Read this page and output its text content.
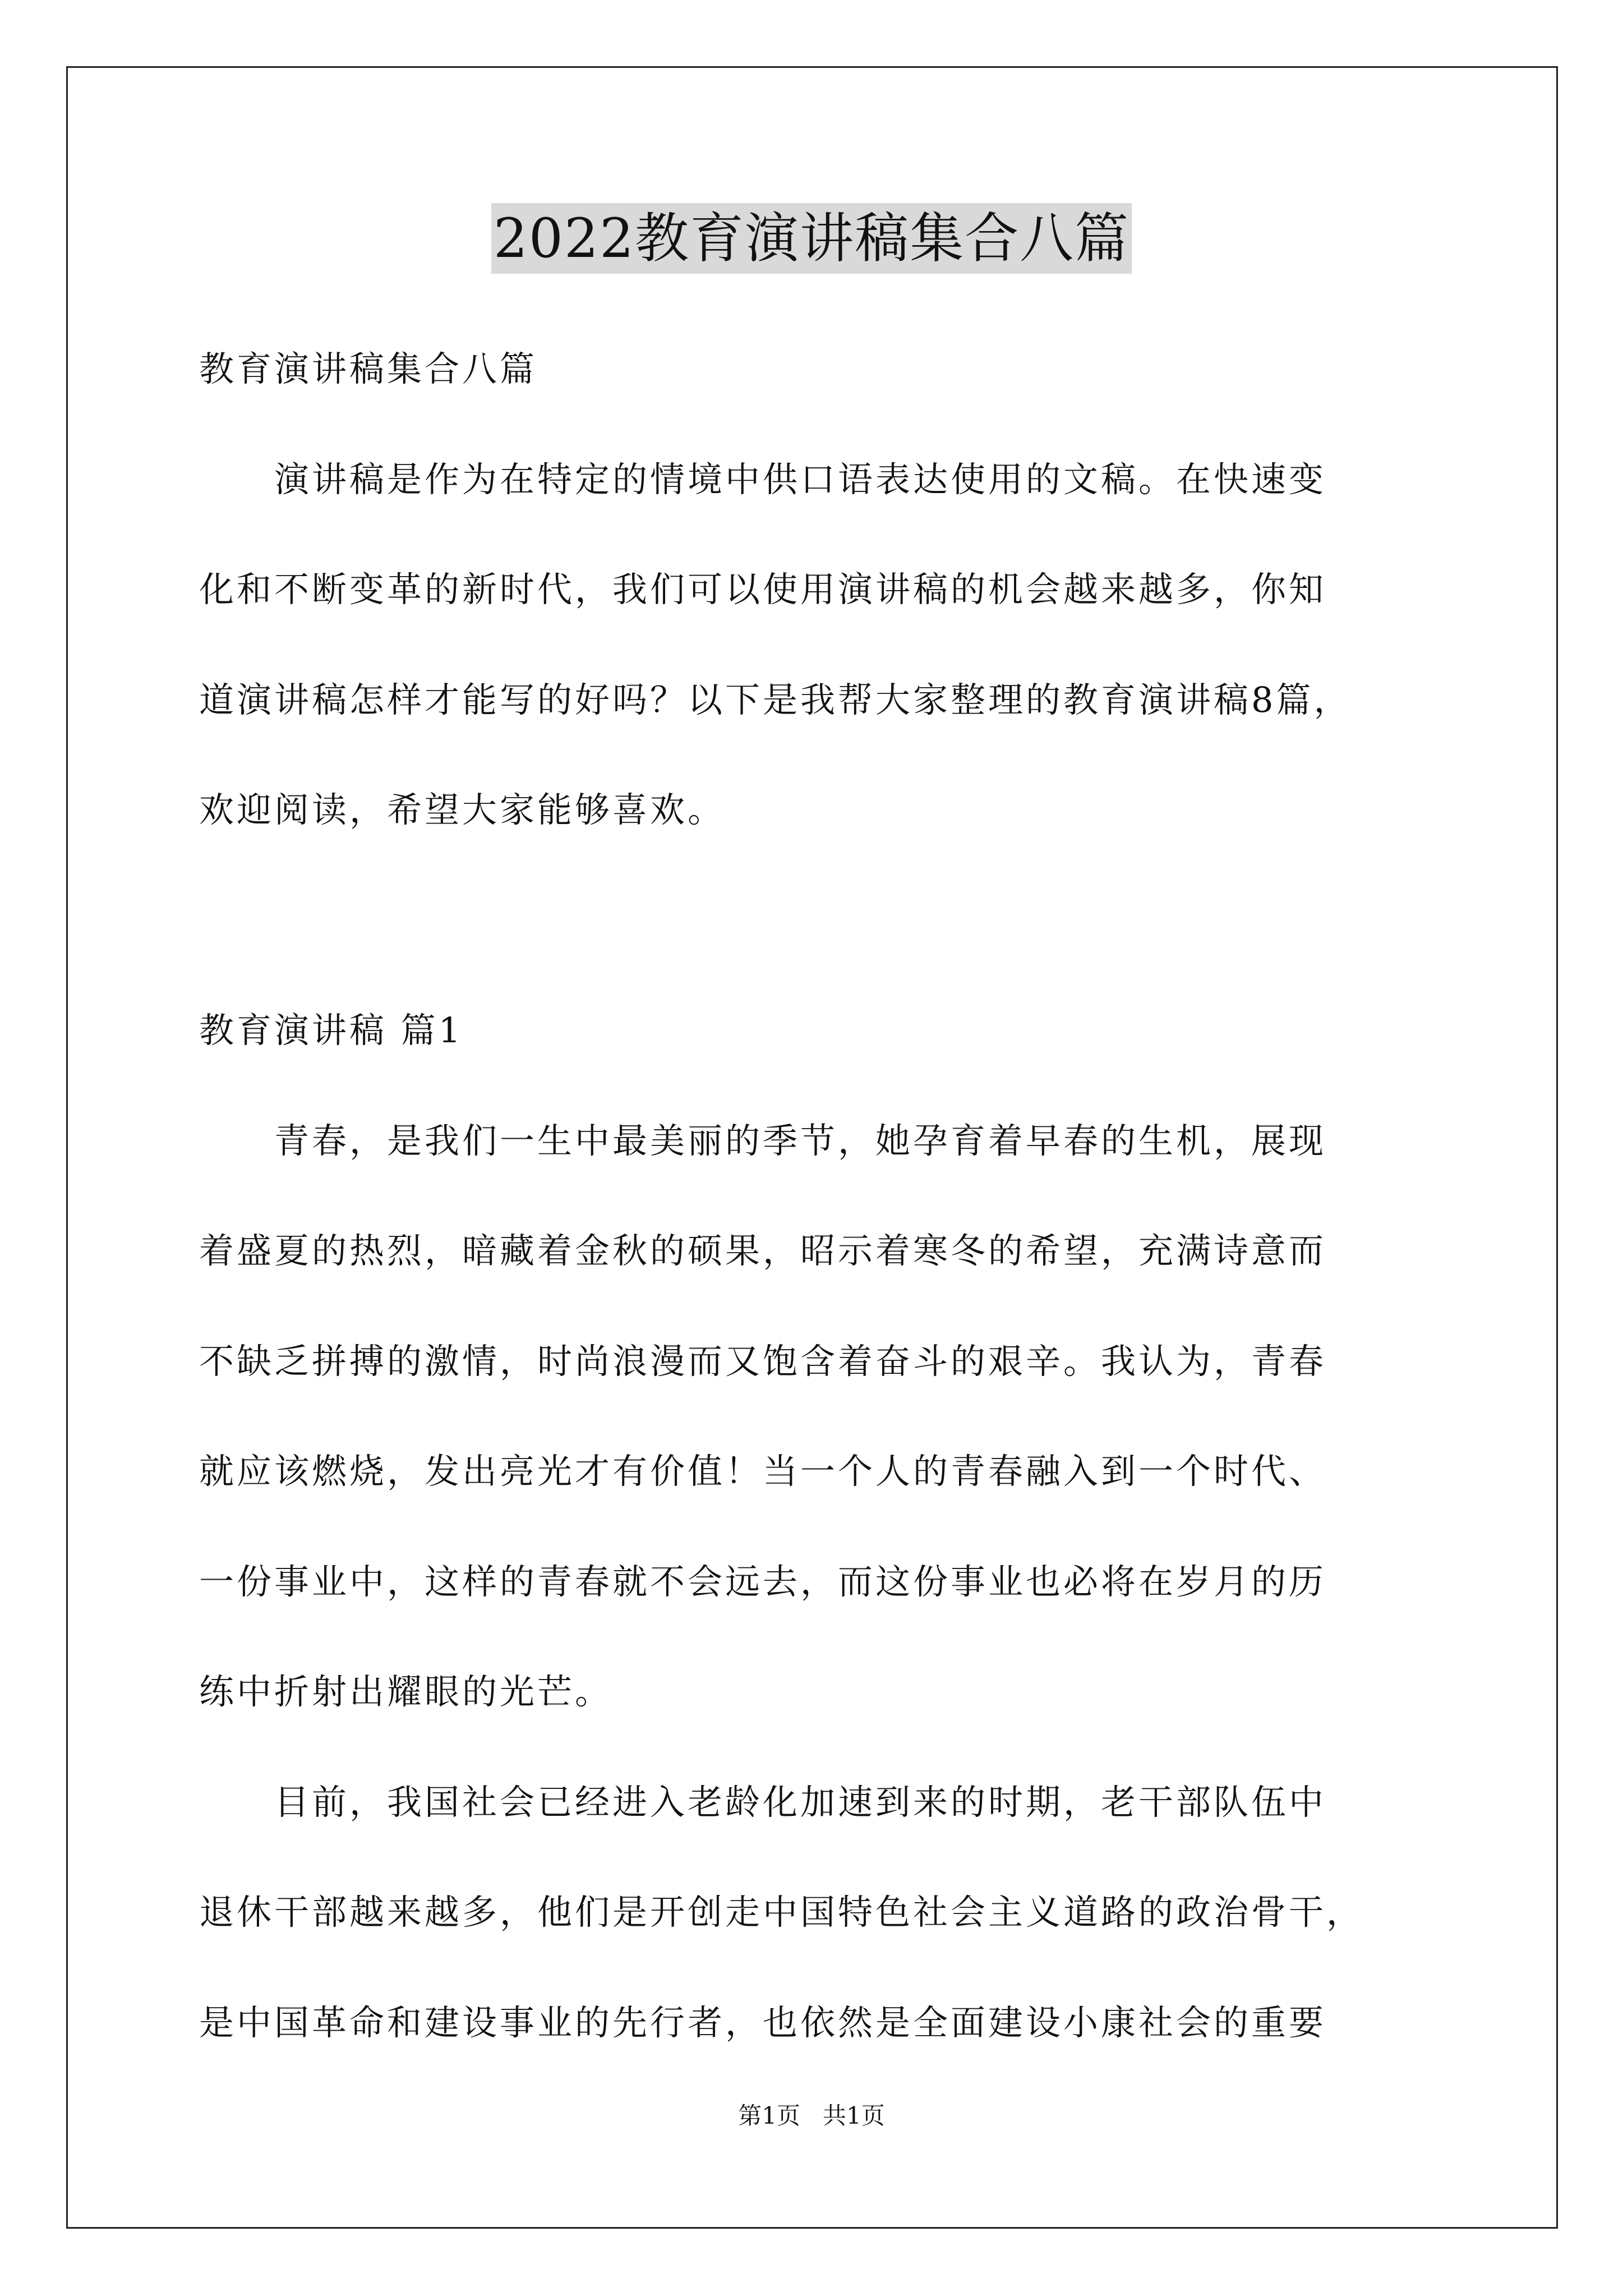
2022教育演讲稿集合八篇
教育演讲稿集合八篇
　　演讲稿是作为在特定的情境中供口语表达使用的文稿。在快速变
化和不断变革的新时代，我们可以使用演讲稿的机会越来越多，你知
道演讲稿怎样才能写的好吗？以下是我帮大家整理的教育演讲稿8篇，
欢迎阅读，希望大家能够喜欢。
教育演讲稿 篇1
　　青春，是我们一生中最美丽的季节，她孕育着早春的生机，展现
着盛夏的热烈，暗藏着金秋的硕果，昭示着寒冬的希望，充满诗意而
不缺乏拼搏的激情，时尚浪漫而又饱含着奋斗的艰辛。我认为，青春
就应该燃烧，发出亮光才有价值！当一个人的青春融入到一个时代、
一份事业中，这样的青春就不会远去，而这份事业也必将在岁月的历
练中折射出耀眼的光芒。
　　目前，我国社会已经进入老龄化加速到来的时期，老干部队伍中
退休干部越来越多，他们是开创走中国特色社会主义道路的政治骨干，
是中国革命和建设事业的先行者，也依然是全面建设小康社会的重要
第1页   共1页
